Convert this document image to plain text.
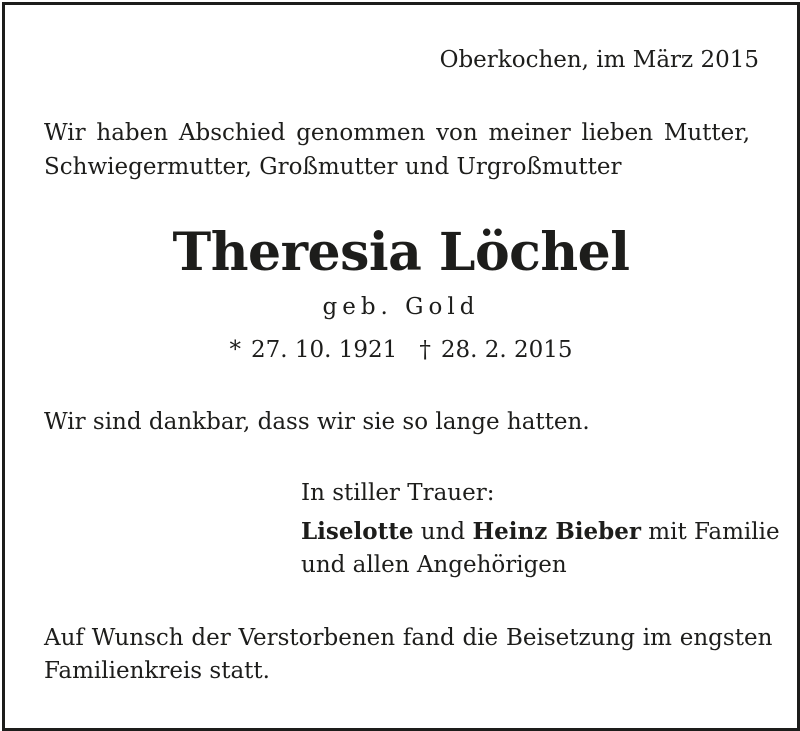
Oberkochen, im März 2015
Wir haben Abschied genommen von meiner lieben Mutter,
Schwiegermutter, Großmutter und Urgroßmutter
Theresia Löchel
geb. Gold
* 27. 10. 1921 † 28. 2. 2015
Wir sind dankbar, dass wir sie so lange hatten.
In stiller Trauer:
Liselotte und Heinz Bieber mit Familie
und allen Angehörigen
Auf Wunsch der Verstorbenen fand die Beisetzung im engsten
Familienkreis statt.
